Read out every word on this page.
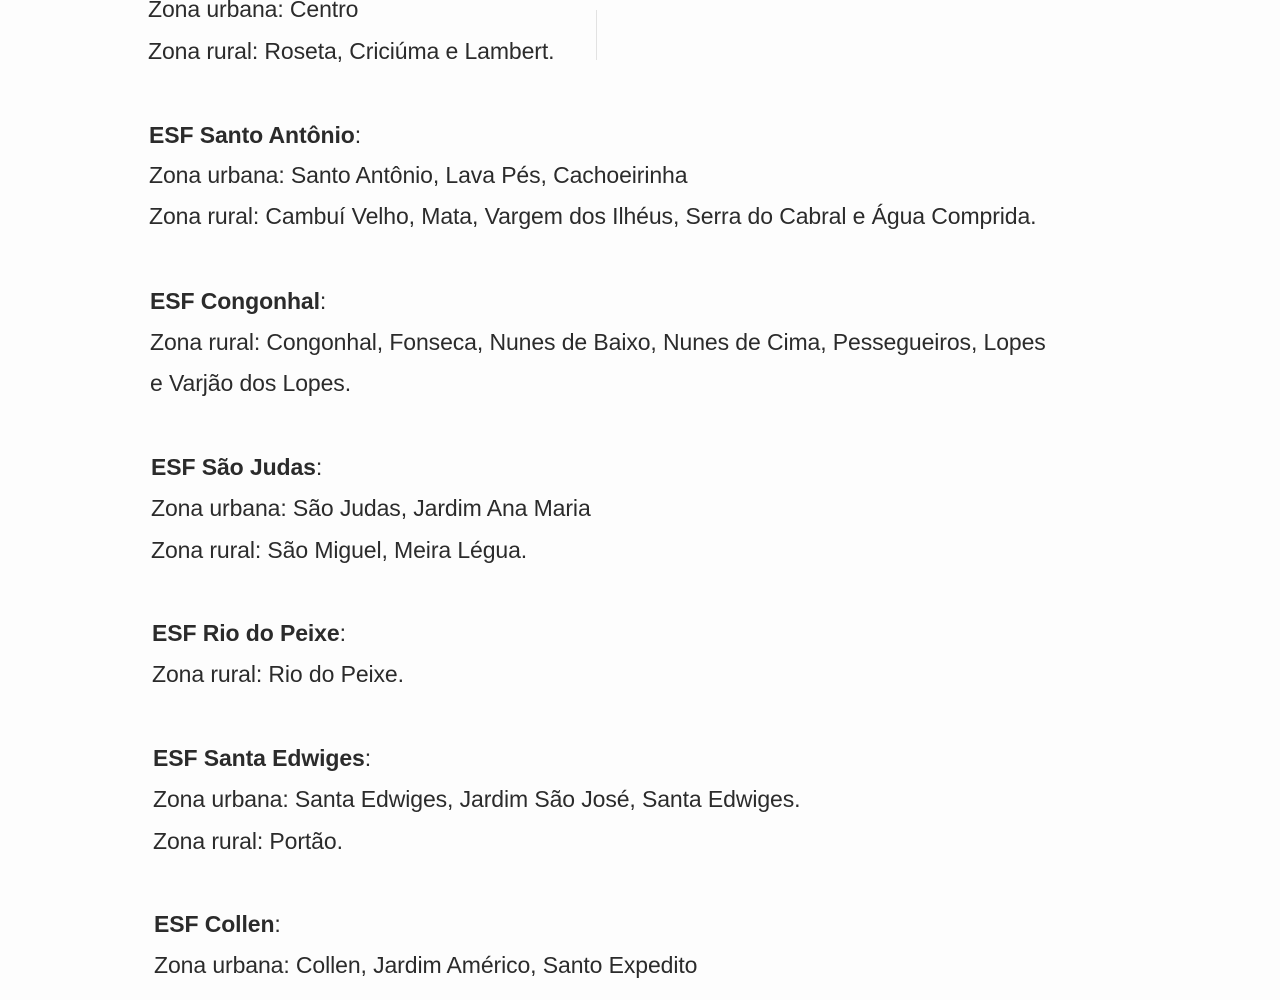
Zona urbana: Centro
Zona rural: Roseta, Criciúma e Lambert.
ESF Santo Antônio:
Zona urbana: Santo Antônio, Lava Pés, Cachoeirinha
Zona rural: Cambuí Velho, Mata, Vargem dos Ilhéus, Serra do Cabral e Água Comprida.
ESF Congonhal:
Zona rural: Congonhal, Fonseca, Nunes de Baixo, Nunes de Cima, Pessegueiros, Lopes
e Varjão dos Lopes.
ESF São Judas:
Zona urbana: São Judas, Jardim Ana Maria
Zona rural: São Miguel, Meira Légua.
ESF Rio do Peixe:
Zona rural: Rio do Peixe.
ESF Santa Edwiges:
Zona urbana: Santa Edwiges, Jardim São José, Santa Edwiges.
Zona rural: Portão.
ESF Collen:
Zona urbana: Collen, Jardim Américo, Santo Expedito
